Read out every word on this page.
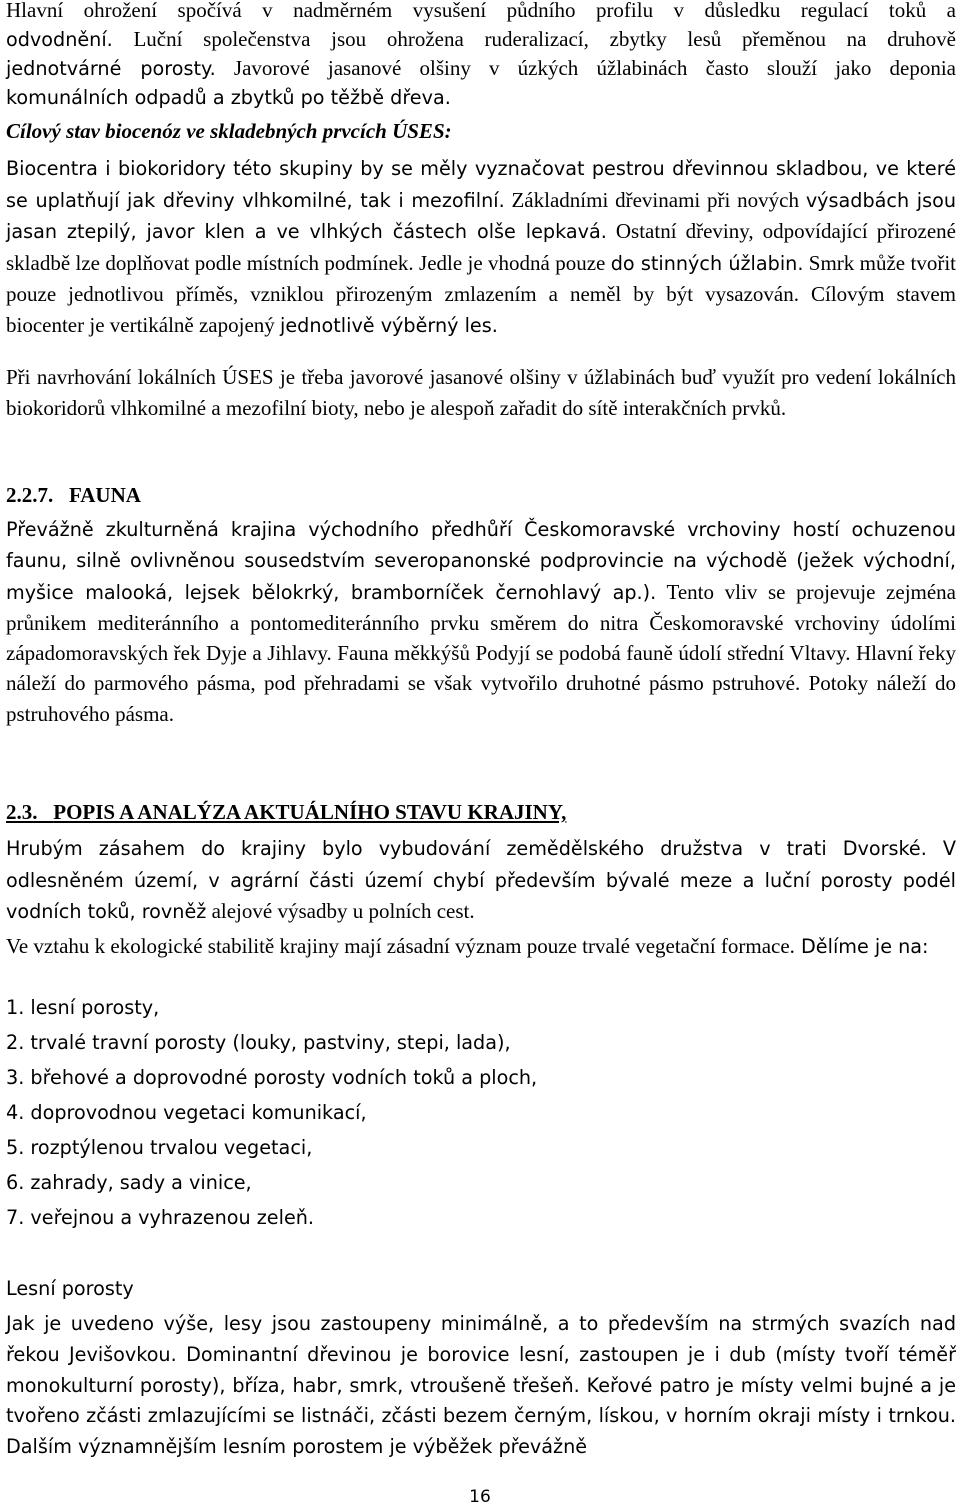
Hlavní ohrožení spočívá v nadměrném vysušení půdního profilu v důsledku regulací toků a

odvodnění. Luční společenstva jsou ohrožena ruderalizací, zbytky lesů přeměnou na druhově

jednotvárné porosty. Javorové jasanové olšiny v úzkých úžlabinách často slouží jako deponia

komunálních odpadů a zbytků po těžbě dřeva.

Cílový stav biocenóz ve skladebných prvcích ÚSES:

Biocentra i biokoridory této skupiny by se měly vyznačovat pestrou dřevinnou skladbou, ve které se uplatňují jak dřeviny vlhkomilné, tak i mezofilní. Základními dřevinami při nových výsadbách jsou jasan ztepilý, javor klen a ve vlhkých částech olše lepkavá. Ostatní dřeviny, odpovídající přirozené skladbě lze doplňovat podle místních podmínek. Jedle je vhodná pouze do stinných úžlabin. Smrk může tvořit pouze jednotlivou příměs, vzniklou přirozeným zmlazením a neměl by být vysazován. Cílovým stavem biocenter je vertikálně zapojený jednotlivě výběrný les.

Při navrhování lokálních ÚSES je třeba javorové jasanové olšiny v úžlabinách buď využít pro vedení lokálních biokoridorů vlhkomilné a mezofilní bioty, nebo je alespoň zařadit do sítě interakčních prvků.

2.2.7. FAUNA

Převážně zkulturněná krajina východního předhůří Českomoravské vrchoviny hostí ochuzenou faunu, silně ovlivněnou sousedstvím severopanonské podprovincie na východě (ježek východní, myšice malooká, lejsek bělokrký, bramborníček černohlavý ap.). Tento vliv se projevuje zejména průnikem mediteránního a pontomediteránního prvku směrem do nitra Českomoravské vrchoviny údolími západomoravských řek Dyje a Jihlavy. Fauna měkkýšů Podyjí se podobá fauně údolí střední Vltavy. Hlavní řeky náleží do parmového pásma, pod přehradami se však vytvořilo druhotné pásmo pstruhové. Potoky náleží do pstruhového pásma.

2.3. POPIS A ANALÝZA AKTUÁLNÍHO STAVU KRAJINY,

Hrubým zásahem do krajiny bylo vybudování zemědělského družstva v trati Dvorské. V odlesněném území, v agrární části území chybí především bývalé meze a luční porosty podél vodních toků, rovněž alejové výsadby u polních cest.

Ve vztahu k ekologické stabilitě krajiny mají zásadní význam pouze trvalé vegetační formace. Dělíme je na:

1. lesní porosty,
2. trvalé travní porosty (louky, pastviny, stepi, lada),
3. břehové a doprovodné porosty vodních toků a ploch,
4. doprovodnou vegetaci komunikací,
5. rozptýlenou trvalou vegetaci,
6. zahrady, sady a vinice,
7. veřejnou a vyhrazenou zeleň.

Lesní porosty

Jak je uvedeno výše, lesy jsou zastoupeny minimálně, a to především na strmých svazích nad řekou Jevišovkou. Dominantní dřevinou je borovice lesní, zastoupen je i dub (místy tvoří téměř monokulturní porosty), bříza, habr, smrk, vtroušeně třešeň. Keřové patro je místy velmi bujné a je tvořeno zčásti zmlazujícími se listnáči, zčásti bezem černým, lískou, v horním okraji místy i trnkou. Dalším významnějším lesním porostem je výběžek převážně

16
